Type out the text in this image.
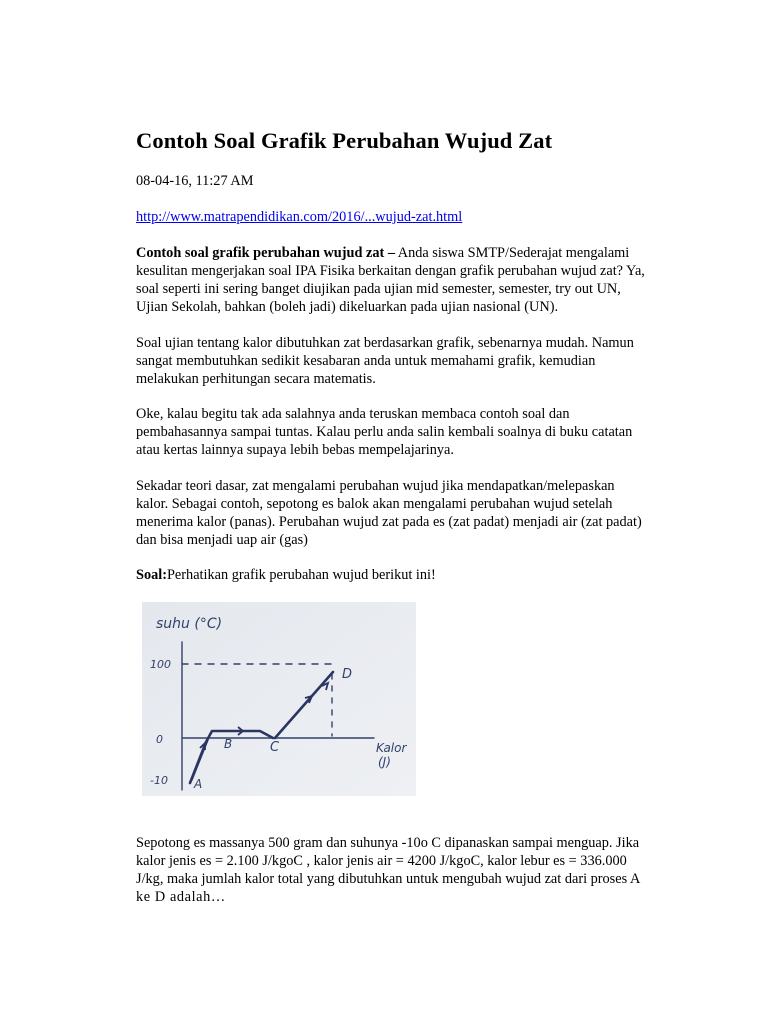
Contoh Soal Grafik Perubahan Wujud Zat
08-04-16, 11:27 AM
http://www.matrapendidikan.com/2016/...wujud-zat.html
Contoh soal grafik perubahan wujud zat – Anda siswa SMTP/Sederajat mengalami
kesulitan mengerjakan soal IPA Fisika berkaitan dengan grafik perubahan wujud zat? Ya,
soal seperti ini sering banget diujikan pada ujian mid semester, semester, try out UN,
Ujian Sekolah, bahkan (boleh jadi) dikeluarkan pada ujian nasional (UN).
Soal ujian tentang kalor dibutuhkan zat berdasarkan grafik, sebenarnya mudah. Namun
sangat membutuhkan sedikit kesabaran anda untuk memahami grafik, kemudian
melakukan perhitungan secara matematis.
Oke, kalau begitu tak ada salahnya anda teruskan membaca contoh soal dan
pembahasannya sampai tuntas. Kalau perlu anda salin kembali soalnya di buku catatan
atau kertas lainnya supaya lebih bebas mempelajarinya.
Sekadar teori dasar, zat mengalami perubahan wujud jika mendapatkan/melepaskan
kalor. Sebagai contoh, sepotong es balok akan mengalami perubahan wujud setelah
menerima kalor (panas). Perubahan wujud zat pada es (zat padat) menjadi air (zat padat)
dan bisa menjadi uap air (gas)
Soal:Perhatikan grafik perubahan wujud berikut ini!
Sepotong es massanya 500 gram dan suhunya -10o C dipanaskan sampai menguap. Jika
kalor jenis es = 2.100 J/kgoC , kalor jenis air = 4200 J/kgoC, kalor lebur es = 336.000
J/kg, maka jumlah kalor total yang dibutuhkan untuk mengubah wujud zat dari proses A
ke D adalah…
suhu (°C)
100
0
-10
Kalor
(J)
A
B	C
D
